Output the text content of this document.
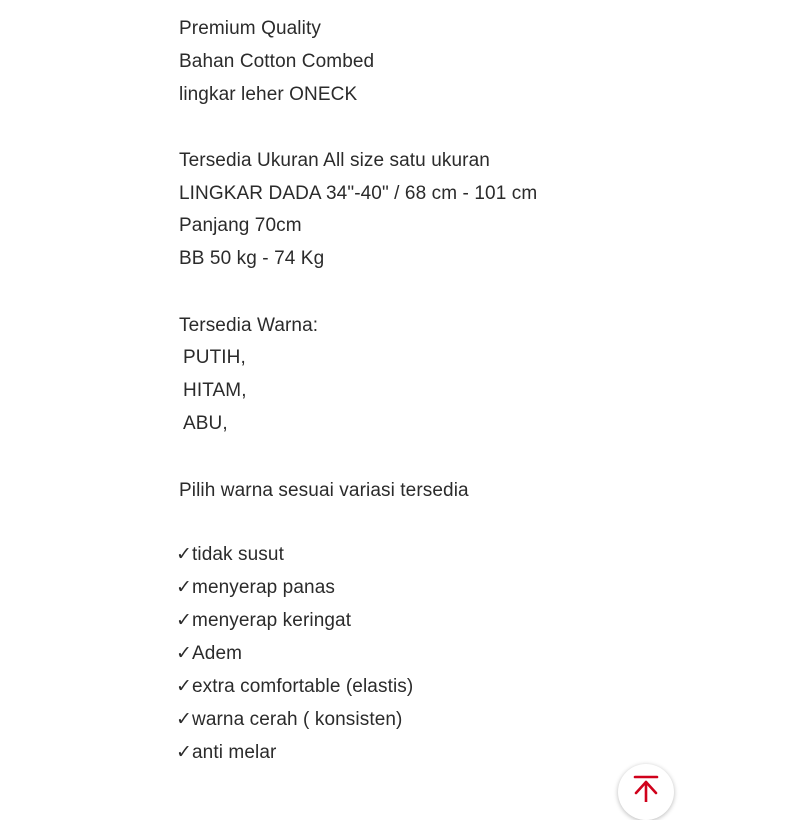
Premium Quality
Bahan Cotton Combed
lingkar leher ONECK
Tersedia Ukuran All size satu ukuran
LINGKAR DADA 34"-40" / 68 cm - 101 cm
Panjang 70cm
BB 50 kg - 74 Kg
Tersedia Warna:
PUTIH,
HITAM,
ABU,
Pilih warna sesuai variasi tersedia
✓tidak susut
✓menyerap panas
✓menyerap keringat
✓Adem
✓extra comfortable (elastis)
✓warna cerah ( konsisten)
✓anti melar
